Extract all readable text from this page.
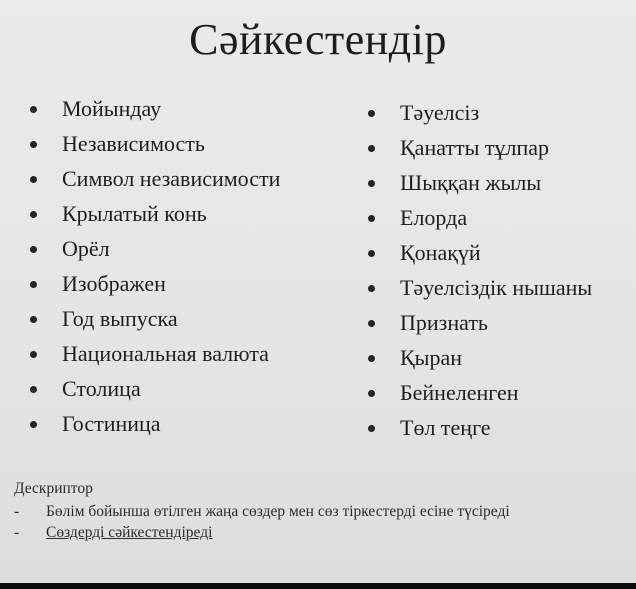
Сәйкестендір
Мойындау
Независимость
Символ независимости
Крылатый конь
Орёл
Изображен
Год выпуска
Национальная валюта
Столица
Гостиница
Тәуелсіз
Қанатты тұлпар
Шыққан жылы
Елорда
Қонақүй
Тәуелсіздік нышаны
Признать
Қыран
Бейнеленген
Төл теңге
Дескриптор
- Бөлім бойынша өтілген жаңа сөздер мен сөз тіркестерді есіне түсіреді
- Сөздерді сәйкестендіреді
